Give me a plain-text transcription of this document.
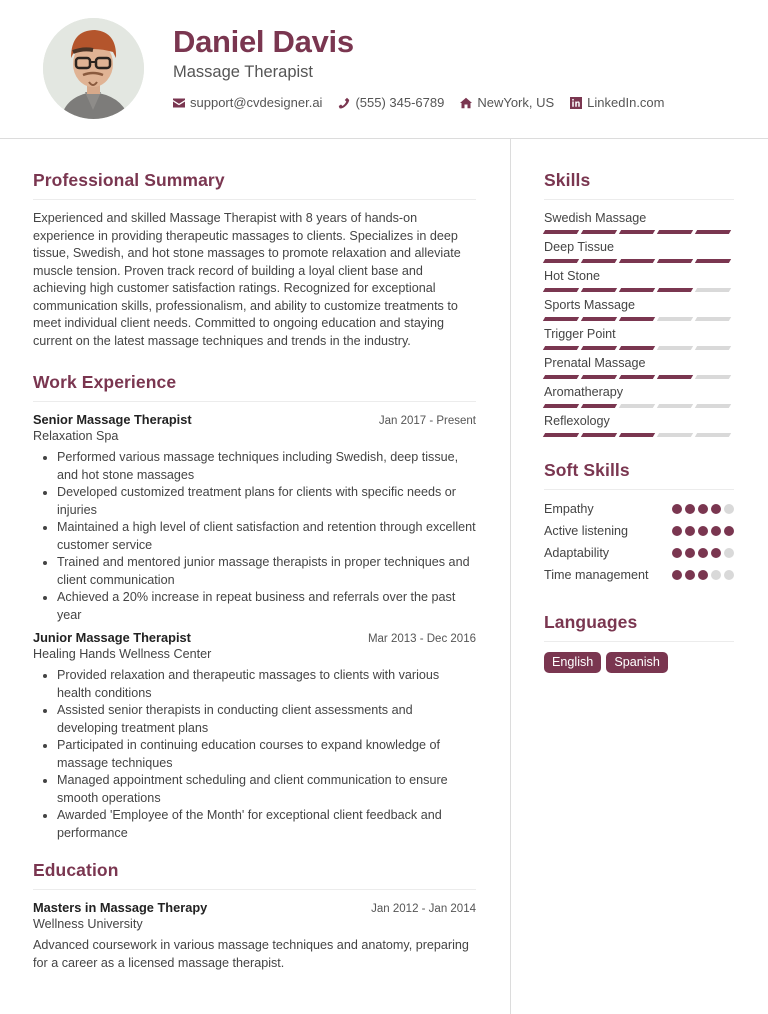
Daniel Davis
Massage Therapist
support@cvdesigner.ai	(555) 345-6789	NewYork, US	LinkedIn.com
Professional Summary

Experienced and skilled Massage Therapist with 8 years of hands-on experience in providing therapeutic massages to clients. Specializes in deep tissue, Swedish, and hot stone massages to promote relaxation and alleviate muscle tension. Proven track record of building a loyal client base and achieving high customer satisfaction ratings. Recognized for exceptional communication skills, professionalism, and ability to customize treatments to meet individual client needs. Committed to ongoing education and staying current on the latest massage techniques and trends in the industry.

Work Experience
Senior Massage Therapist	Jan 2017 - Present
Relaxation Spa
• Performed various massage techniques including Swedish, deep tissue, and hot stone massages
• Developed customized treatment plans for clients with specific needs or injuries
• Maintained a high level of client satisfaction and retention through excellent customer service
• Trained and mentored junior massage therapists in proper techniques and client communication
• Achieved a 20% increase in repeat business and referrals over the past year
Junior Massage Therapist	Mar 2013 - Dec 2016
Healing Hands Wellness Center
• Provided relaxation and therapeutic massages to clients with various health conditions
• Assisted senior therapists in conducting client assessments and developing treatment plans
• Participated in continuing education courses to expand knowledge of massage techniques
• Managed appointment scheduling and client communication to ensure smooth operations
• Awarded 'Employee of the Month' for exceptional client feedback and performance
Education
Masters in Massage Therapy	Jan 2012 - Jan 2014
Wellness University

Advanced coursework in various massage techniques and anatomy, preparing for a career as a licensed massage therapist.

Skills
Swedish Massage
Deep Tissue
Hot Stone
Sports Massage
Trigger Point
Prenatal Massage
Aromatherapy
Reflexology
Soft Skills
Empathy
Active listening
Adaptability
Time management
Languages
English	Spanish
